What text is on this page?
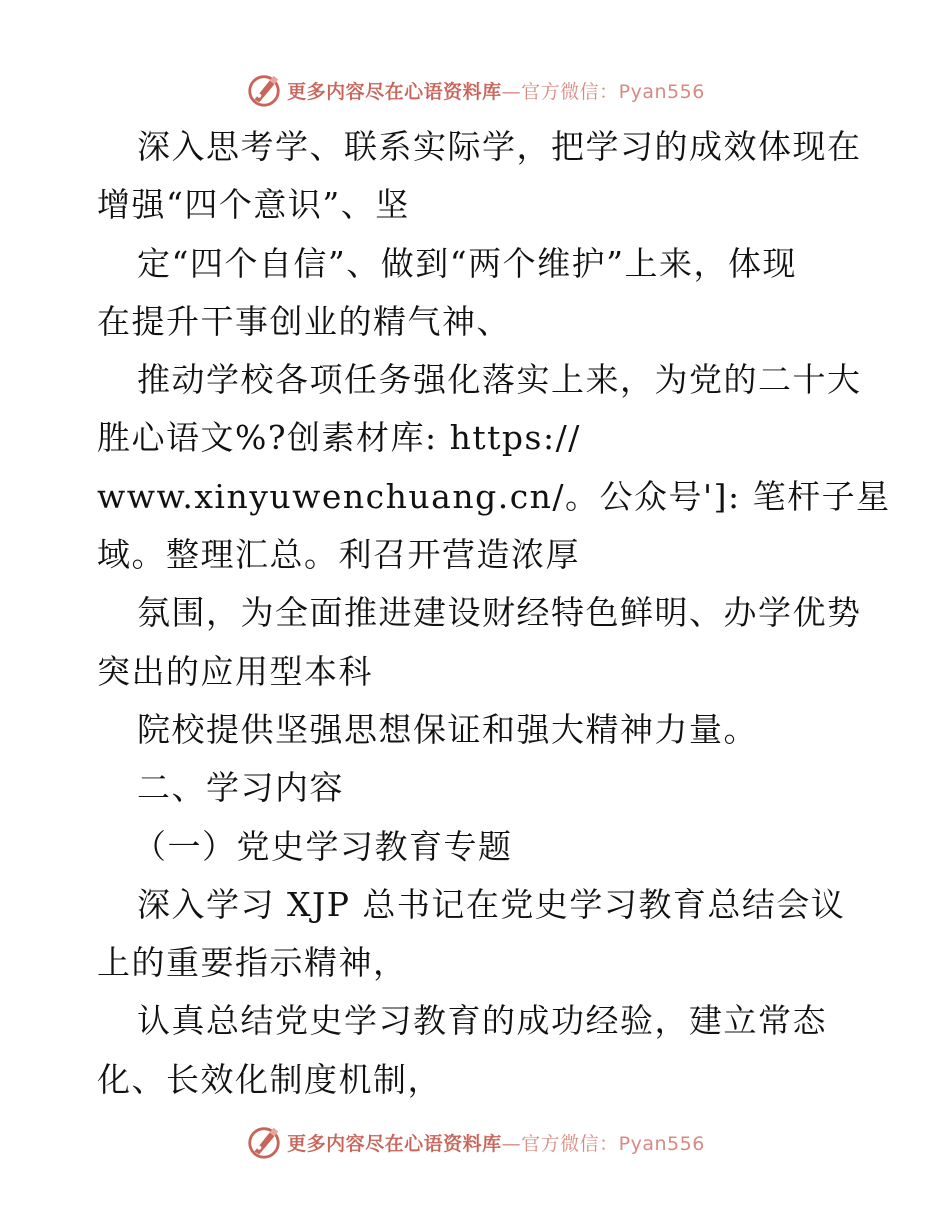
更多内容尽在心语资料库—官方微信：Pyan556
深入思考学、联系实际学，把学习的成效体现在
增强“四个意识”、坚
定“四个自信”、做到“两个维护”上来，体现
在提升干事创业的精气神、
推动学校各项任务强化落实上来，为党的二十大
胜心语文%?创素材库: https://
www.xinyuwenchuang.cn/。公众号']: 笔杆子星
域。整理汇总。利召开营造浓厚
氛围，为全面推进建设财经特色鲜明、办学优势
突出的应用型本科
院校提供坚强思想保证和强大精神力量。
二、学习内容
（一）党史学习教育专题
深入学习 XJP 总书记在党史学习教育总结会议
上的重要指示精神，
认真总结党史学习教育的成功经验，建立常态
化、长效化制度机制，
更多内容尽在心语资料库—官方微信：Pyan556
